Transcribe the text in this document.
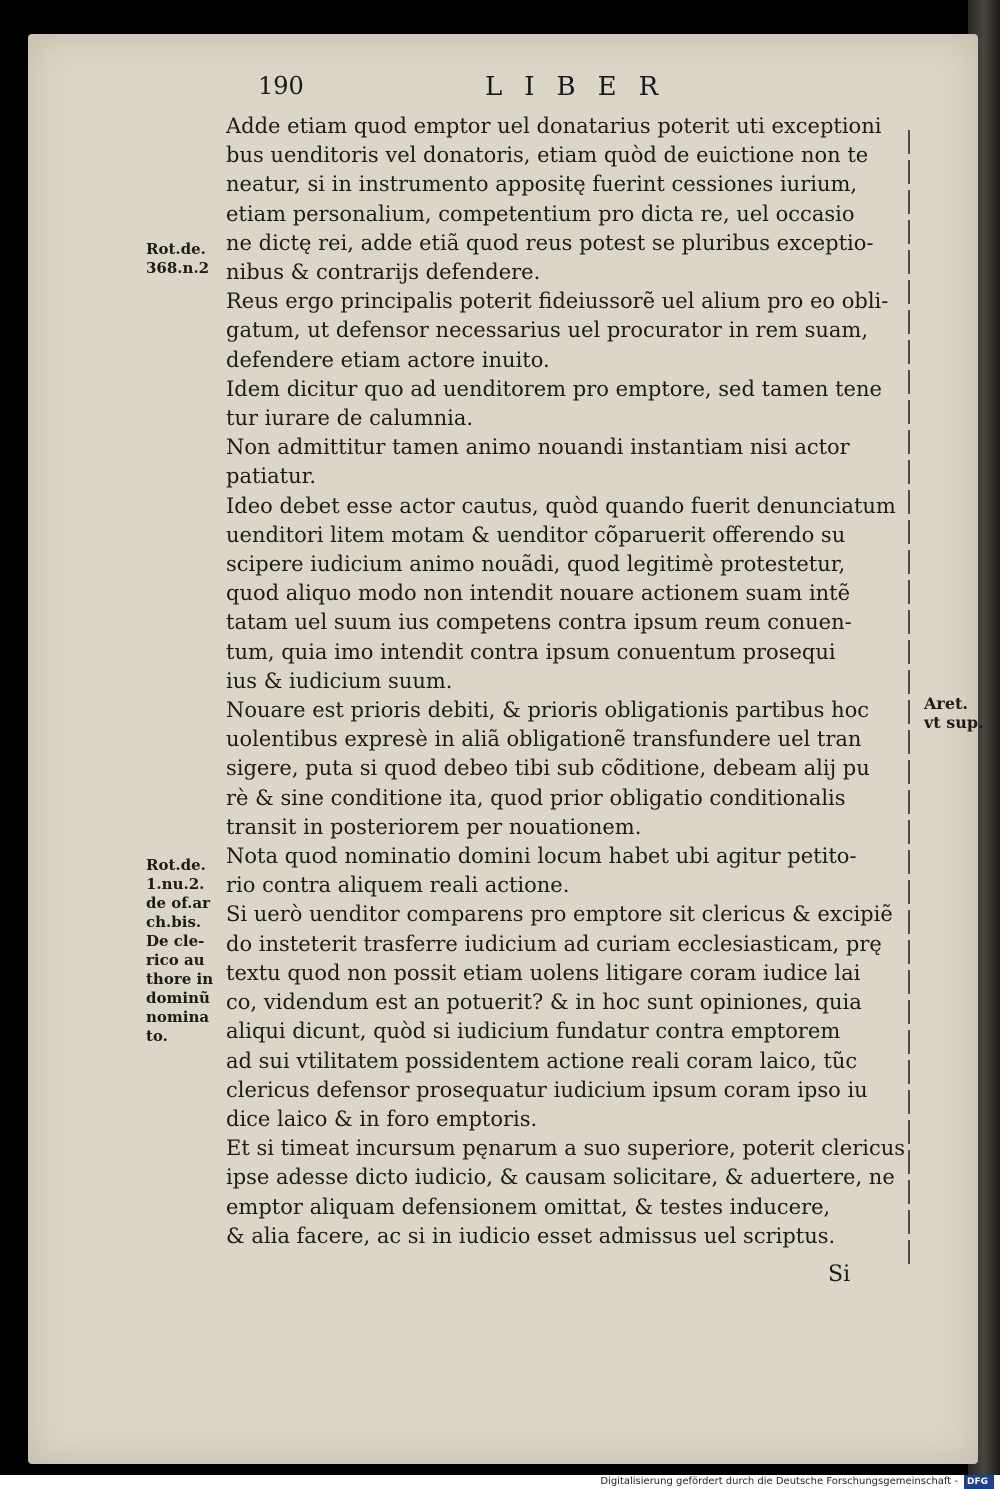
190	LIBER
Rot.de.
368.n.2
Rot.de.
1.nu.2.
de of.ar
ch.bis.
De cle-
rico au
thore in
dominũ
nomina
to.
Aret.
vt sup.

Adde etiam quod emptor uel donatarius poterit uti exceptioni
bus uenditoris vel donatoris, etiam quòd de euictione non te
neatur, si in instrumento appositę fuerint cessiones iurium,
etiam personalium, competentium pro dicta re, uel occasio
ne dictę rei, adde etiã quod reus potest se pluribus exceptio-
nibus & contrarijs defendere.

Reus ergo principalis poterit fideiussorẽ uel alium pro eo obli-
gatum, ut defensor necessarius uel procurator in rem suam,
defendere etiam actore inuito.

Idem dicitur quo ad uenditorem pro emptore, sed tamen tene
tur iurare de calumnia.

Non admittitur tamen animo nouandi instantiam nisi actor
patiatur.

Ideo debet esse actor cautus, quòd quando fuerit denunciatum
uenditori litem motam & uenditor cõparuerit offerendo su
scipere iudicium animo nouãdi, quod legitimè protestetur,
quod aliquo modo non intendit nouare actionem suam intẽ
tatam uel suum ius competens contra ipsum reum conuen-
tum, quia imo intendit contra ipsum conuentum prosequi
ius & iudicium suum.

Nouare est prioris debiti, & prioris obligationis partibus hoc
uolentibus expresè in aliã obligationẽ transfundere uel tran
sigere, puta si quod debeo tibi sub cõditione, debeam alij pu
rè & sine conditione ita, quod prior obligatio conditionalis
transit in posteriorem per nouationem.

Nota quod nominatio domini locum habet ubi agitur petito-
rio contra aliquem reali actione.

Si uerò uenditor comparens pro emptore sit clericus & excipiẽ
do insteterit trasferre iudicium ad curiam ecclesiasticam, prę
textu quod non possit etiam uolens litigare coram iudice lai
co, videndum est an potuerit? & in hoc sunt opiniones, quia
aliqui dicunt, quòd si iudicium fundatur contra emptorem
ad sui vtilitatem possidentem actione reali coram laico, tũc
clericus defensor prosequatur iudicium ipsum coram ipso iu
dice laico & in foro emptoris.

Et si timeat incursum pęnarum a suo superiore, poterit clericus
ipse adesse dicto iudicio, & causam solicitare, & aduertere, ne
emptor aliquam defensionem omittat, & testes inducere,
& alia facere, ac si in iudicio esset admissus uel scriptus.

Si
Digitalisierung gefördert durch die Deutsche Forschungsgemeinschaft - DFG
